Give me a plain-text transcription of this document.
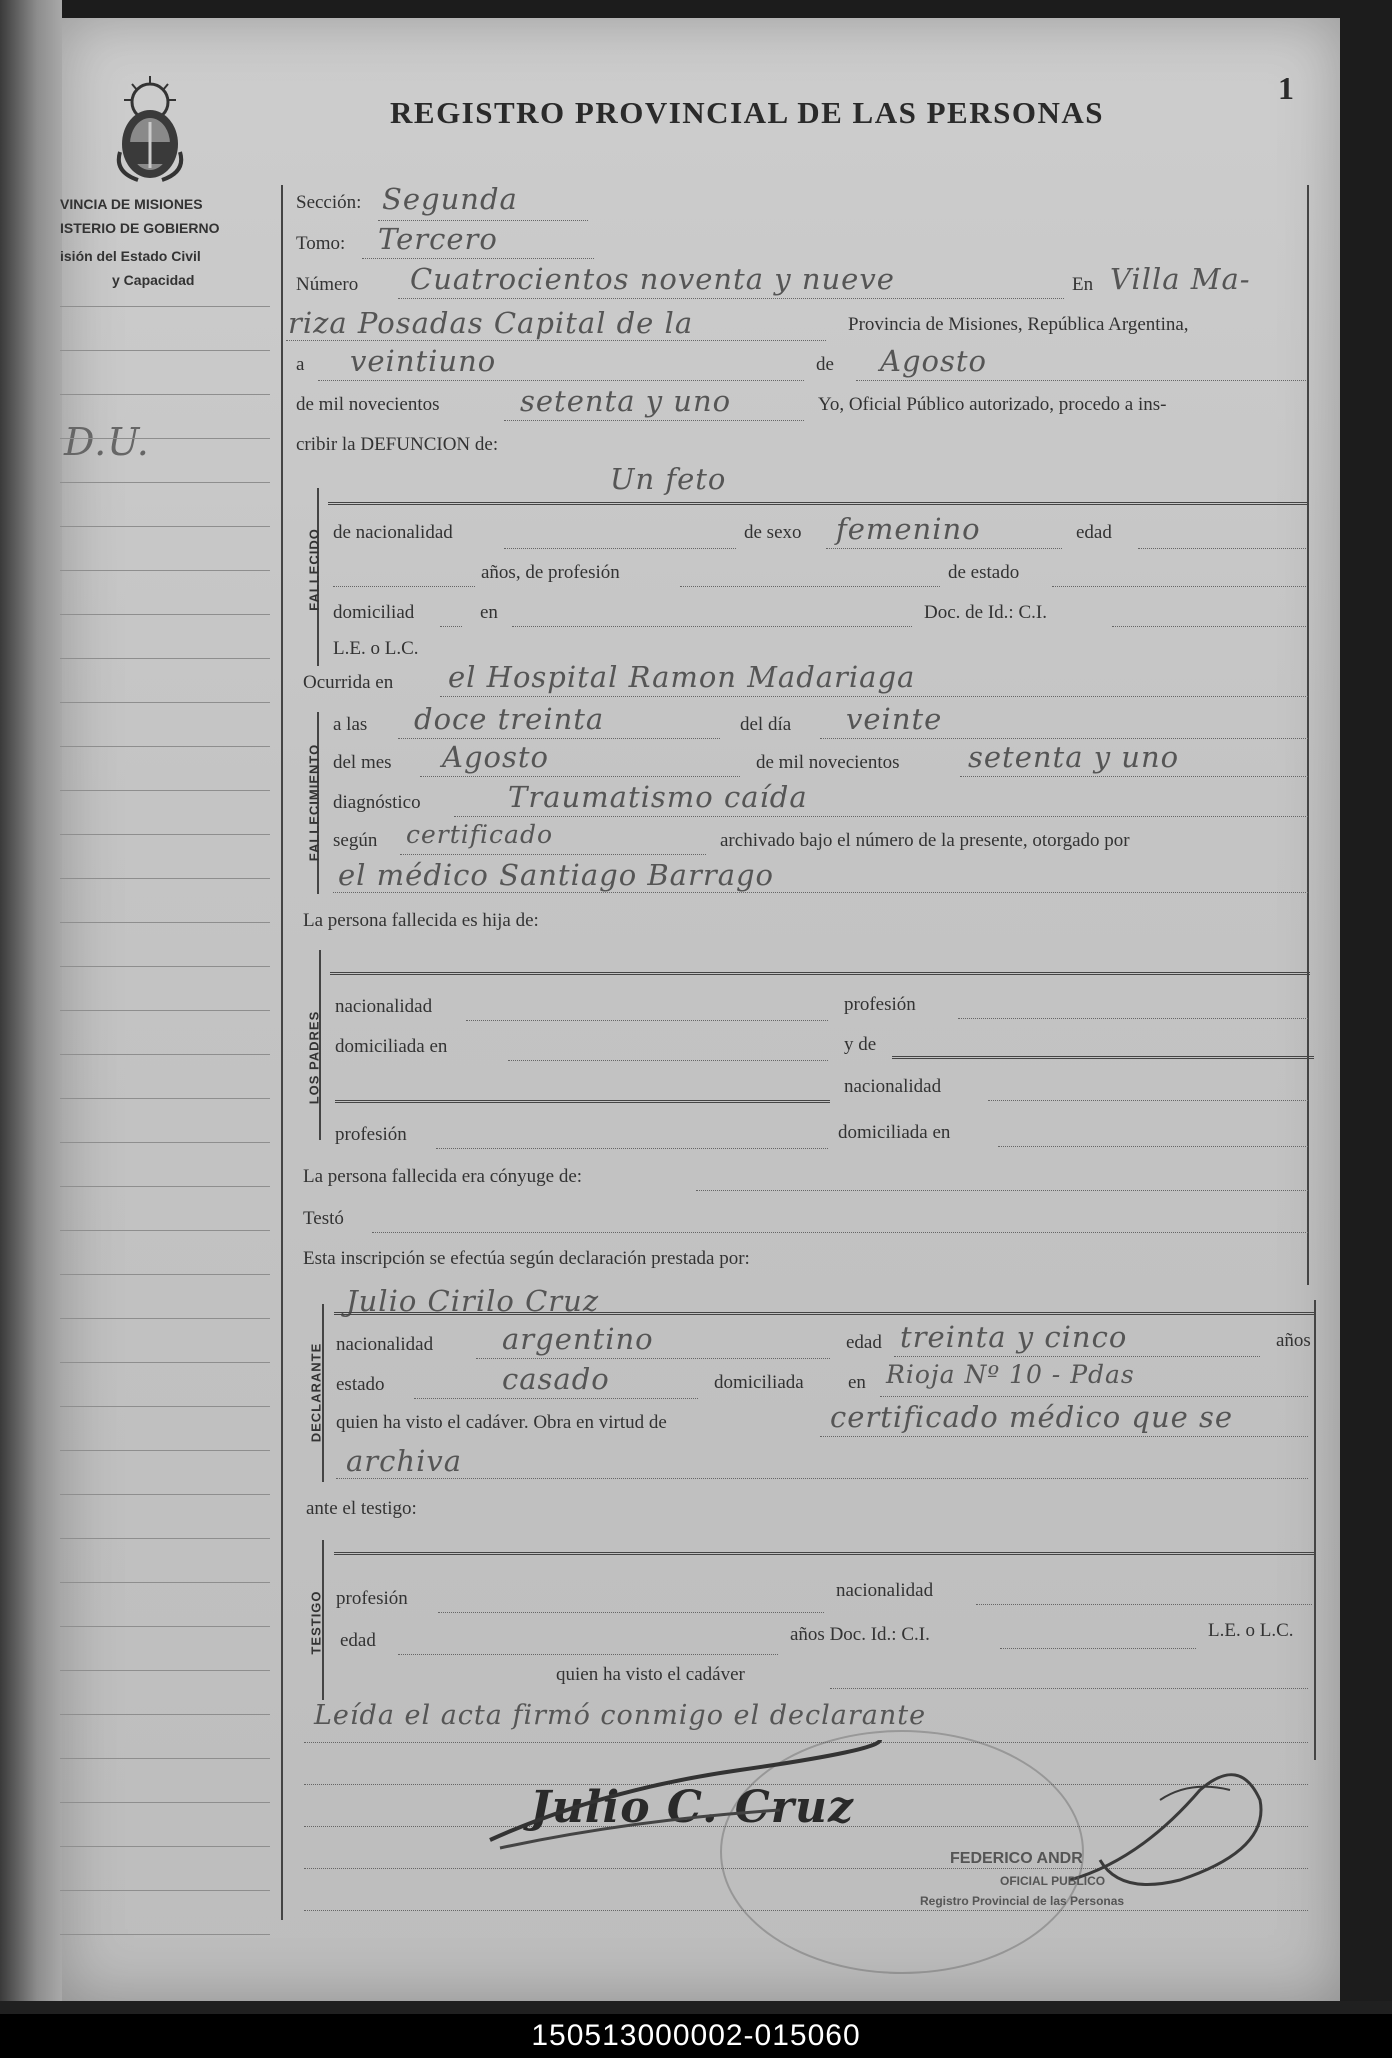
REGISTRO PROVINCIAL DE LAS PERSONAS
1
VINCIA DE MISIONES
ISTERIO DE GOBIERNO
isión del Estado Civil
y Capacidad
D.U.
FALLECIDO
FALLECIMIENTO
LOS PADRES
DECLARANTE
TESTIGO
Sección: Segunda
Tomo: Tercero
Número Cuatrocientos noventa y nueve	En Villa Ma-
riza Posadas Capital de la	Provincia de Misiones, República Argentina,
a veintiuno	de Agosto
de mil novecientos	setenta y uno	Yo, Oficial Público autorizado, procedo a ins-
cribir la DEFUNCION de:
Un feto
de nacionalidad	de sexo femenino	edad
años, de profesión	de estado
domiciliad	en	Doc. de Id.: C.I.
L.E. o L.C.
Ocurrida en el Hospital Ramon Madariaga
a las doce treinta	del día veinte
del mes Agosto	de mil novecientos setenta y uno
diagnóstico	Traumatismo caída
según certificado	archivado bajo el número de la presente, otorgado por
el médico Santiago Barrago
La persona fallecida es hija de:
nacionalidad	profesión
domiciliada en	y de
nacionalidad
profesión	domiciliada en
La persona fallecida era cónyuge de:
Testó
Esta inscripción se efectúa según declaración prestada por:
Julio Cirilo Cruz
nacionalidad argentino	edad treinta y cinco	años
estado	casado	domiciliada en Rioja Nº 10 - Pdas
quien ha visto el cadáver. Obra en virtud de	certificado médico que se
archiva
ante el testigo:
profesión	nacionalidad
edad	años Doc. Id.: C.I.	L.E. o L.C.
quien ha visto el cadáver
Leída el acta firmó conmigo el declarante
Julio C. Cruz
FEDERICO ANDR
OFICIAL PUBLICO
Registro Provincial de las Personas
150513000002-015060
